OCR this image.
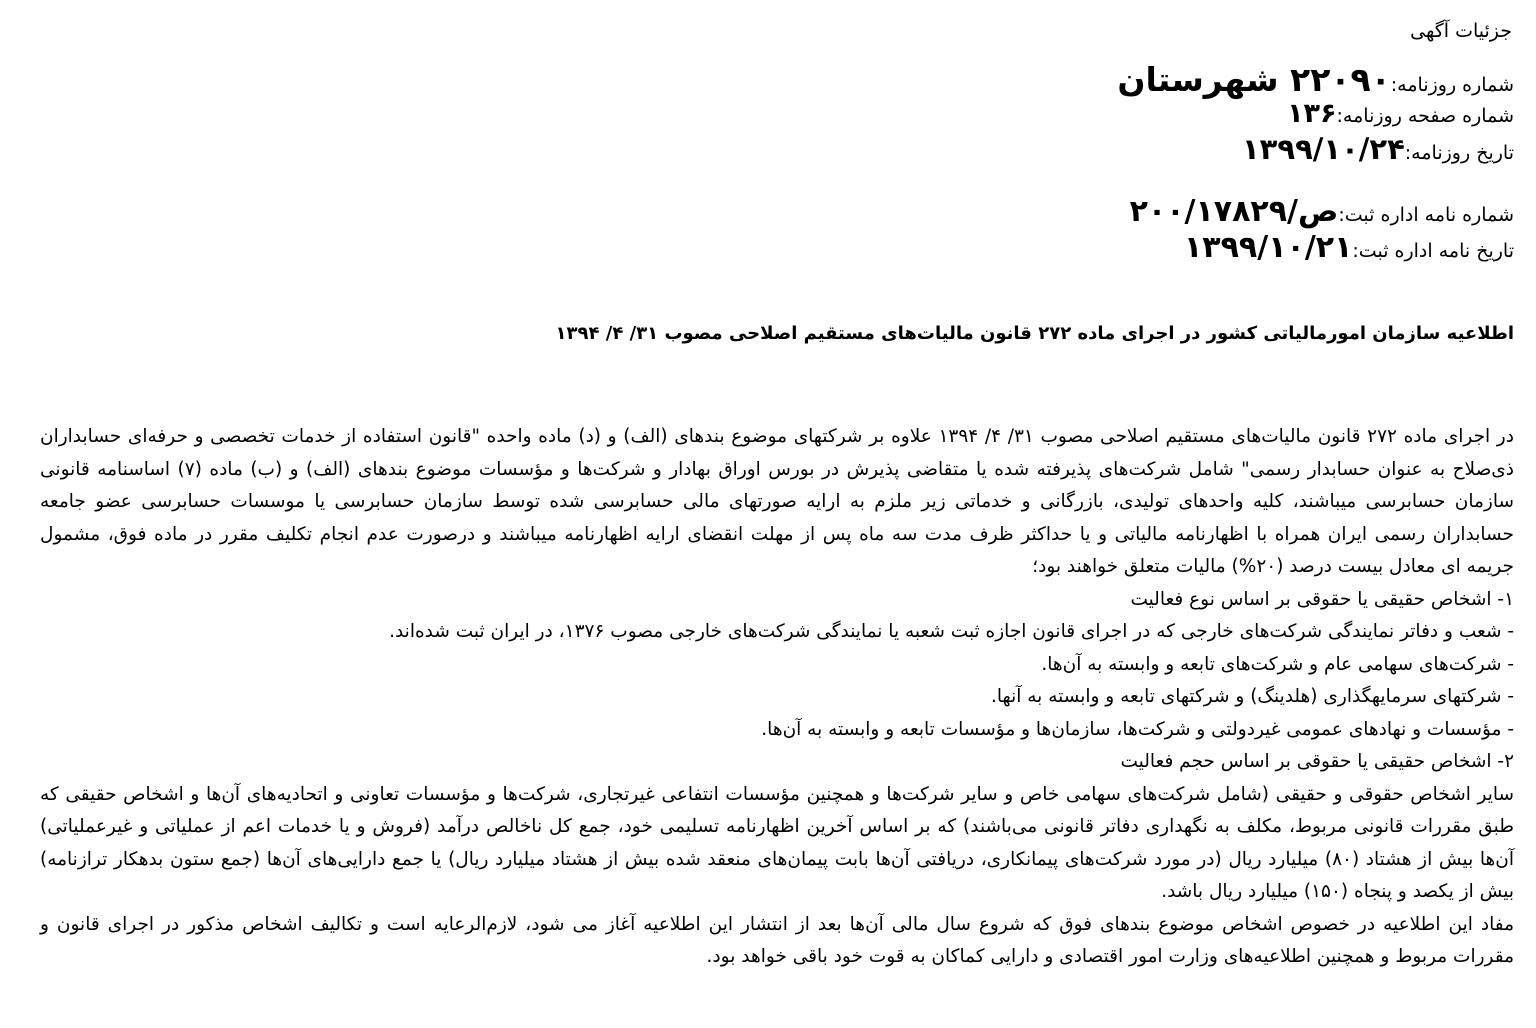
جزئیات آگهی
شماره روزنامه:
۲۲۰۹۰ شهرستان
شماره صفحه روزنامه:
۱۳۶
تاریخ روزنامه:
۱۳۹۹/۱۰/۲۴
شماره نامه اداره ثبت:
ص/۲۰۰/۱۷۸۲۹
تاریخ نامه اداره ثبت:
۱۳۹۹/۱۰/۲۱
اطلاعیه سازمان امورمالیاتی کشور در اجرای ماده ۲۷۲ قانون مالیات‌های مستقیم اصلاحی مصوب ۳۱/ ۴/ ۱۳۹۴

در اجرای ماده ۲۷۲ قانون مالیات‌های مستقیم اصلاحی مصوب ۳۱/ ۴/ ۱۳۹۴ علاوه بر شرکتهای موضوع بندهای (الف) و (د) ماده واحده "قانون استفاده از خدمات تخصصی و حرفه‌ای حسابداران ذی‌صلاح به عنوان حسابدار رسمی" شامل شرکت‌های پذیرفته شده یا متقاضی پذیرش در بورس اوراق بهادار و شرکت‌ها و مؤسسات موضوع بندهای (الف) و (ب) ماده (۷) اساسنامه قانونی سازمان حسابرسی میباشند، کلیه واحدهای تولیدی، بازرگانی و خدماتی زیر ملزم به ارایه صورتهای مالی حسابرسی شده توسط سازمان حسابرسی یا موسسات حسابرسی عضو جامعه حسابداران رسمی ایران همراه با اظهارنامه مالیاتی و یا حداکثر ظرف مدت سه ماه پس از مهلت انقضای ارایه اظهارنامه میباشند و درصورت عدم انجام تکلیف مقرر در ماده فوق، مشمول جریمه ای معادل بیست درصد (۲۰%) مالیات متعلق خواهند بود؛

۱- اشخاص حقیقی یا حقوقی بر اساس نوع فعالیت

- شعب و دفاتر نمایندگی شرکت‌های خارجی که در اجرای قانون اجازه ثبت شعبه یا نمایندگی شرکت‌های خارجی مصوب ۱۳۷۶، در ایران ثبت شده‌اند.

- شرکت‌های سهامی عام و شرکت‌های تابعه و وابسته به آن‌ها.

- شرکتهای سرمایهگذاری (هلدینگ) و شرکتهای تابعه و وابسته به آنها.

- مؤسسات و نهادهای عمومی غیردولتی و شرکت‌ها، سازمان‌ها و مؤسسات تابعه و وابسته به آن‌ها.

۲- اشخاص حقیقی یا حقوقی بر اساس حجم فعالیت

سایر اشخاص حقوقی و حقیقی (شامل شرکت‌های سهامی خاص و سایر شرکت‌ها و همچنین مؤسسات انتفاعی غیرتجاری، شرکت‌ها و مؤسسات تعاونی و اتحادیه‌های آن‌ها و اشخاص حقیقی که طبق مقررات قانونی مربوط، مکلف به نگهداری دفاتر قانونی می‌باشند) که بر اساس آخرین اظهارنامه تسلیمی خود، جمع کل ناخالص درآمد (فروش و یا خدمات اعم از عملیاتی و غیرعملیاتی) آن‌ها بیش از هشتاد (۸۰) میلیارد ریال (در مورد شرکت‌های پیمانکاری، دریافتی آن‌ها بابت پیمان‌های منعقد شده بیش از هشتاد میلیارد ریال) یا جمع دارایی‌های آن‌ها (جمع ستون بدهکار ترازنامه) بیش از یکصد و پنجاه (۱۵۰) میلیارد ریال باشد.

مفاد این اطلاعیه در خصوص اشخاص موضوع بندهای فوق که شروع سال مالی آن‌ها بعد از انتشار این اطلاعیه آغاز می شود، لازم‌الرعایه است و تکالیف اشخاص مذکور در اجرای قانون و مقررات مربوط و همچنین اطلاعیه‌های وزارت امور اقتصادی و دارایی کماکان به قوت خود باقی خواهد بود.
